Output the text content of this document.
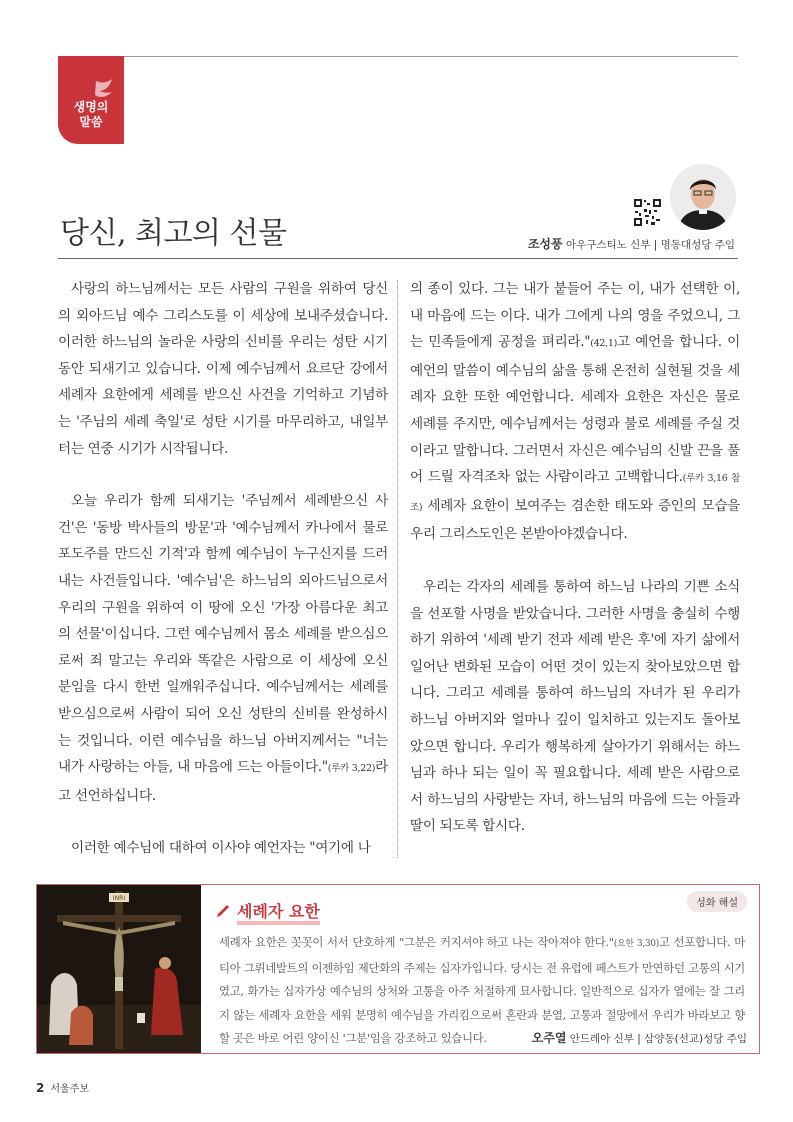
생명의
말씀
당신, 최고의 선물	조성풍 아우구스티노 신부 | 명동대성당 주임

사랑의 하느님께서는 모든 사람의 구원을 위하여 당신의 외아드님 예수 그리스도를 이 세상에 보내주셨습니다. 이러한 하느님의 놀라운 사랑의 신비를 우리는 성탄 시기 동안 되새기고 있습니다. 이제 예수님께서 요르단 강에서 세례자 요한에게 세례를 받으신 사건을 기억하고 기념하는 '주님의 세례 축일'로 성탄 시기를 마무리하고, 내일부터는 연중 시기가 시작됩니다.

오늘 우리가 함께 되새기는 '주님께서 세례받으신 사건'은 '동방 박사들의 방문'과 '예수님께서 카나에서 물로 포도주를 만드신 기적'과 함께 예수님이 누구신지를 드러내는 사건들입니다. '예수님'은 하느님의 외아드님으로서 우리의 구원을 위하여 이 땅에 오신 '가장 아름다운 최고의 선물'이십니다. 그런 예수님께서 몸소 세례를 받으심으로써 죄 말고는 우리와 똑같은 사람으로 이 세상에 오신 분임을 다시 한번 일깨워주십니다. 예수님께서는 세례를 받으심으로써 사람이 되어 오신 성탄의 신비를 완성하시는 것입니다. 이런 예수님을 하느님 아버지께서는 "너는 내가 사랑하는 아들, 내 마음에 드는 아들이다."(루카 3,22)라고 선언하십니다.

이러한 예수님에 대하여 이사야 예언자는 "여기에 나

의 종이 있다. 그는 내가 붙들어 주는 이, 내가 선택한 이, 내 마음에 드는 이다. 내가 그에게 나의 영을 주었으니, 그는 민족들에게 공정을 펴리라."(42,1)고 예언을 합니다. 이 예언의 말씀이 예수님의 삶을 통해 온전히 실현될 것을 세례자 요한 또한 예언합니다. 세례자 요한은 자신은 물로 세례를 주지만, 예수님께서는 성령과 불로 세례를 주실 것이라고 말합니다. 그러면서 자신은 예수님의 신발 끈을 풀어 드릴 자격조차 없는 사람이라고 고백합니다.(루카 3,16 참조) 세례자 요한이 보여주는 겸손한 태도와 증인의 모습을 우리 그리스도인은 본받아야겠습니다.

우리는 각자의 세례를 통하여 하느님 나라의 기쁜 소식을 선포할 사명을 받았습니다. 그러한 사명을 충실히 수행하기 위하여 '세례 받기 전과 세례 받은 후'에 자기 삶에서 일어난 변화된 모습이 어떤 것이 있는지 찾아보았으면 합니다. 그리고 세례를 통하여 하느님의 자녀가 된 우리가 하느님 아버지와 얼마나 깊이 일치하고 있는지도 돌아보았으면 합니다. 우리가 행복하게 살아가기 위해서는 하느님과 하나 되는 일이 꼭 필요합니다. 세례 받은 사람으로서 하느님의 사랑받는 자녀, 하느님의 마음에 드는 아들과 딸이 되도록 합시다.

INRI
세례자 요한	성화 해설
세례자 요한은 꼿꼿이 서서 단호하게 "그분은 커지셔야 하고 나는 작아져야 한다."(요한 3,30)고 선포합니다. 마티아 그뤼네발트의 이젠하임 제단화의 주제는 십자가입니다. 당시는 전 유럽에 페스트가 만연하던 고통의 시기였고, 화가는 십자가상 예수님의 상처와 고통을 아주 처절하게 묘사합니다. 일반적으로 십자가 옆에는 잘 그리지 않는 세례자 요한을 세워 분명히 예수님을 가리킴으로써 혼란과 분열, 고통과 절망에서 우리가 바라보고 향할 곳은 바로 어린 양이신 '그분'임을 강조하고 있습니다.	오주열 안드레아 신부 | 삼양동(선교)성당 주임
2 서울주보
